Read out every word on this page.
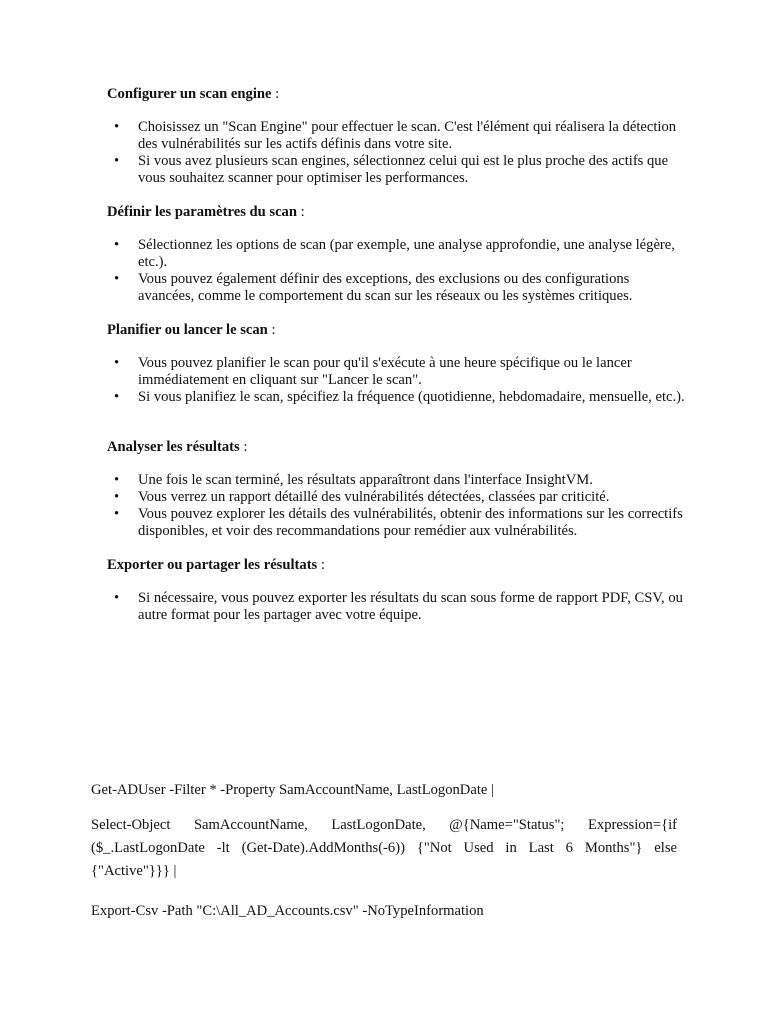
Configurer un scan engine :

• Choisissez un "Scan Engine" pour effectuer le scan. C'est l'élément qui réalisera la détection des vulnérabilités sur les actifs définis dans votre site.
• Si vous avez plusieurs scan engines, sélectionnez celui qui est le plus proche des actifs que vous souhaitez scanner pour optimiser les performances.

Définir les paramètres du scan :

• Sélectionnez les options de scan (par exemple, une analyse approfondie, une analyse légère, etc.).
• Vous pouvez également définir des exceptions, des exclusions ou des configurations avancées, comme le comportement du scan sur les réseaux ou les systèmes critiques.

Planifier ou lancer le scan :

• Vous pouvez planifier le scan pour qu'il s'exécute à une heure spécifique ou le lancer immédiatement en cliquant sur "Lancer le scan".
• Si vous planifiez le scan, spécifiez la fréquence (quotidienne, hebdomadaire, mensuelle, etc.).

Analyser les résultats :

• Une fois le scan terminé, les résultats apparaîtront dans l'interface InsightVM.
• Vous verrez un rapport détaillé des vulnérabilités détectées, classées par criticité.
• Vous pouvez explorer les détails des vulnérabilités, obtenir des informations sur les correctifs disponibles, et voir des recommandations pour remédier aux vulnérabilités.

Exporter ou partager les résultats :

• Si nécessaire, vous pouvez exporter les résultats du scan sous forme de rapport PDF, CSV, ou autre format pour les partager avec votre équipe.
Get-ADUser -Filter * -Property SamAccountName, LastLogonDate |
Select-Object SamAccountName, LastLogonDate, @{Name="Status"; Expression={if ($_.LastLogonDate -lt (Get-Date).AddMonths(-6)) {"Not Used in Last 6 Months"} else {"Active"}}} |
Export-Csv -Path "C:\All_AD_Accounts.csv" -NoTypeInformation
